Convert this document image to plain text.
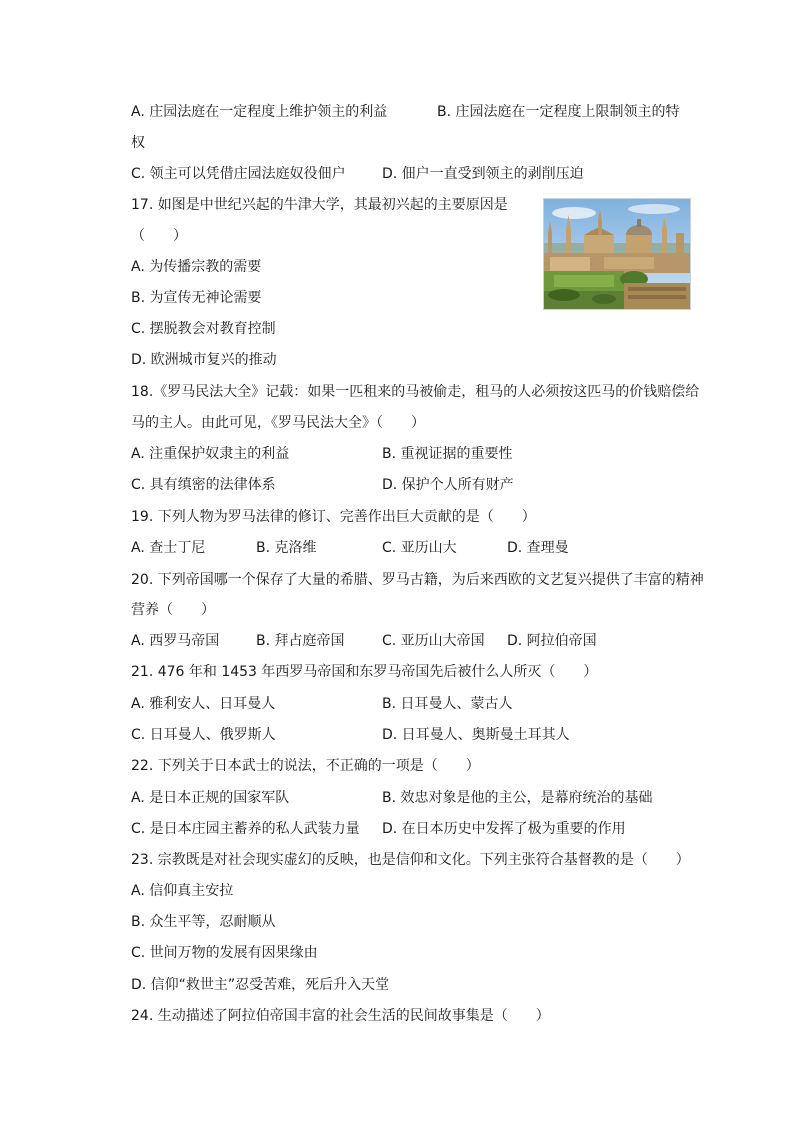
A. 庄园法庭在一定程度上维护领主的利益	B. 庄园法庭在一定程度上限制领主的特
权
C. 领主可以凭借庄园法庭奴役佃户	D. 佃户一直受到领主的剥削压迫
17. 如图是中世纪兴起的牛津大学，其最初兴起的主要原因是
（　　）
A. 为传播宗教的需要
B. 为宣传无神论需要
C. 摆脱教会对教育控制
D. 欧洲城市复兴的推动
18.《罗马民法大全》记载：如果一匹租来的马被偷走，租马的人必须按这匹马的价钱赔偿给
马的主人。由此可见，《罗马民法大全》（　　）
A. 注重保护奴隶主的利益	B. 重视证据的重要性
C. 具有缜密的法律体系	D. 保护个人所有财产
19. 下列人物为罗马法律的修订、完善作出巨大贡献的是（　　）
A. 查士丁尼	B. 克洛维	C. 亚历山大	D. 查理曼
20. 下列帝国哪一个保存了大量的希腊、罗马古籍，为后来西欧的文艺复兴提供了丰富的精神
营养（　　）
A. 西罗马帝国	B. 拜占庭帝国	C. 亚历山大帝国 D. 阿拉伯帝国
21. 476 年和 1453 年西罗马帝国和东罗马帝国先后被什么人所灭（　　）
A. 雅利安人、日耳曼人	B. 日耳曼人、蒙古人
C. 日耳曼人、俄罗斯人	D. 日耳曼人、奥斯曼土耳其人
22. 下列关于日本武士的说法，不正确的一项是（　　）
A. 是日本正规的国家军队	B. 效忠对象是他的主公，是幕府统治的基础
C. 是日本庄园主蓄养的私人武装力量 D. 在日本历史中发挥了极为重要的作用
23. 宗教既是对社会现实虚幻的反映，也是信仰和文化。下列主张符合基督教的是（　　）
A. 信仰真主安拉
B. 众生平等，忍耐顺从
C. 世间万物的发展有因果缘由
D. 信仰“救世主”忍受苦难，死后升入天堂
24. 生动描述了阿拉伯帝国丰富的社会生活的民间故事集是（　　）
